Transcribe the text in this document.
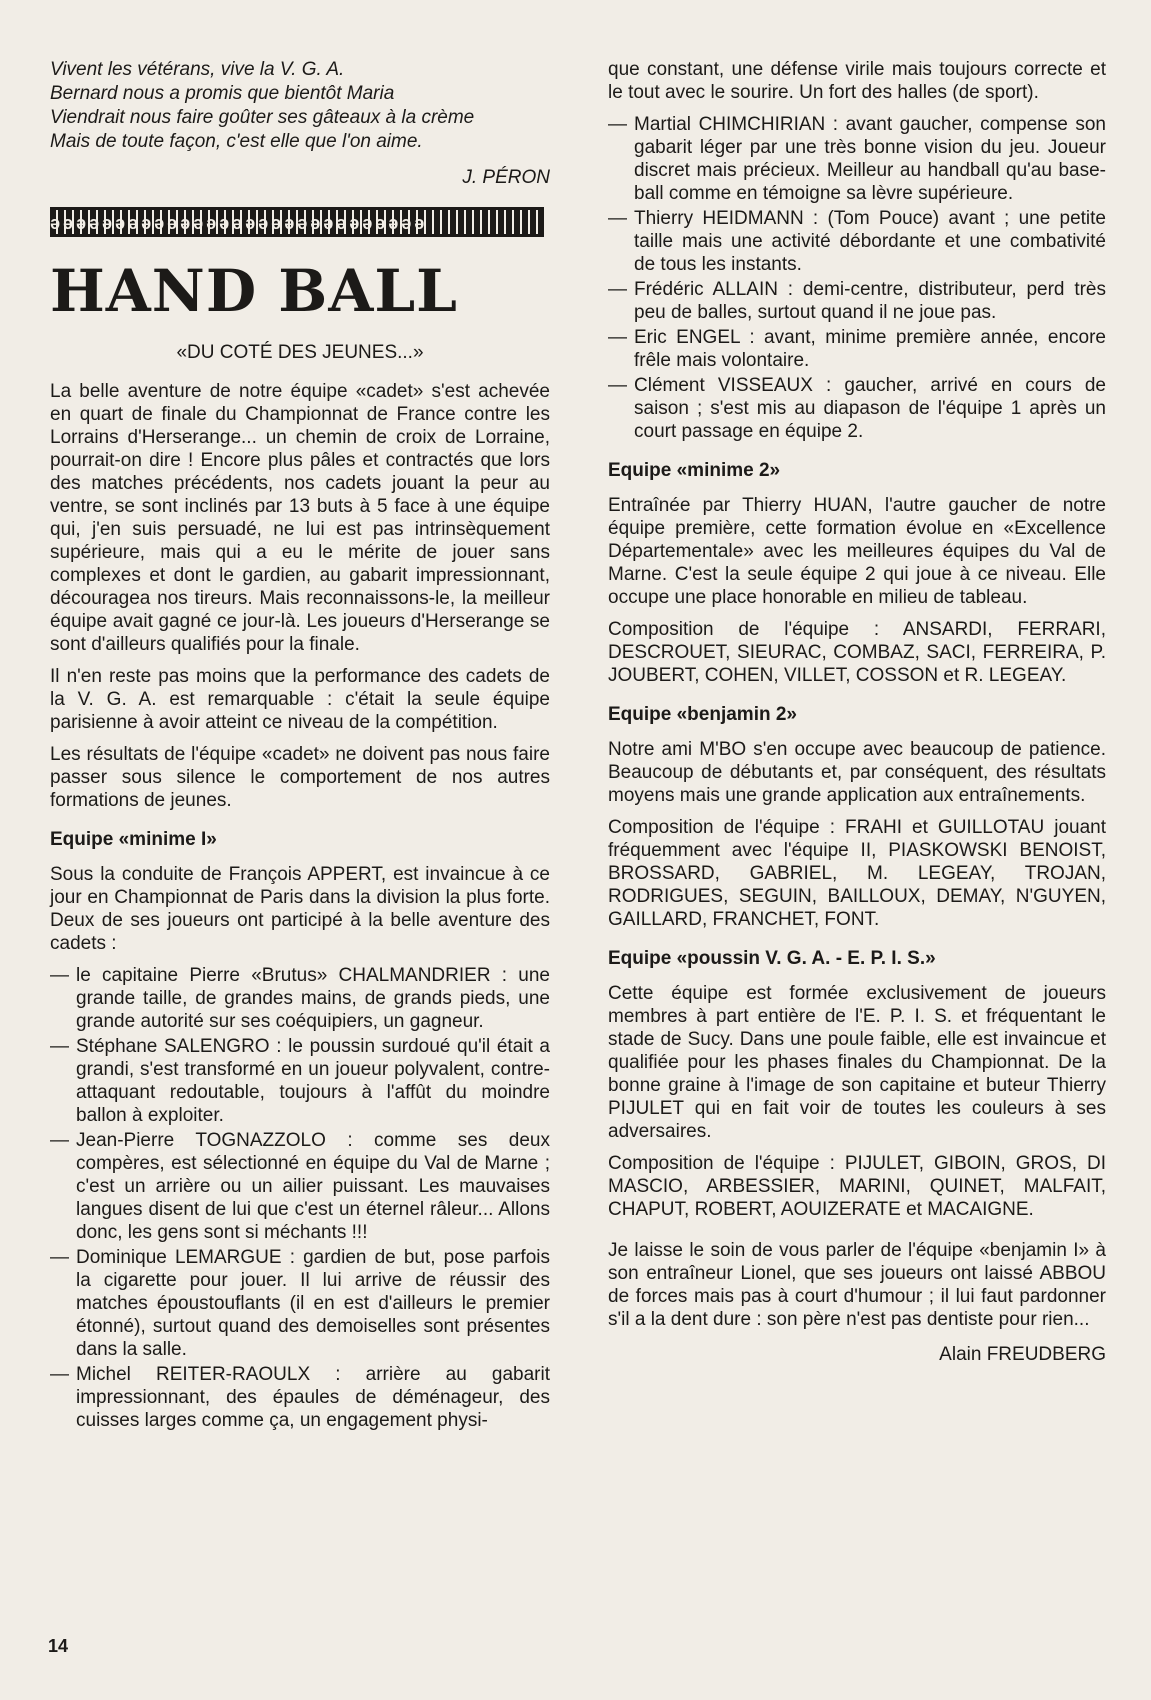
Vivent les vétérans, vive la V. G. A.
Bernard nous a promis que bientôt Maria
Viendrait nous faire goûter ses gâteaux à la crème
Mais de toute façon, c'est elle que l'on aime.
J. PÉRON
ǝǝǝǝǝǝǝǝǝǝǝǝǝǝǝǝǝǝǝǝǝǝǝǝǝǝǝǝǝ
HAND BALL
«DU COTÉ DES JEUNES...»

La belle aventure de notre équipe «cadet» s'est achevée en quart de finale du Championnat de France contre les Lorrains d'Herserange... un chemin de croix de Lorraine, pourrait-on dire ! Encore plus pâles et contractés que lors des matches précédents, nos cadets jouant la peur au ventre, se sont inclinés par 13 buts à 5 face à une équipe qui, j'en suis persuadé, ne lui est pas intrinsèquement supérieure, mais qui a eu le mérite de jouer sans complexes et dont le gardien, au gabarit impressionnant, découragea nos tireurs. Mais reconnaissons-le, la meilleur équipe avait gagné ce jour-là. Les joueurs d'Herserange se sont d'ailleurs qualifiés pour la finale.

Il n'en reste pas moins que la performance des cadets de la V. G. A. est remarquable : c'était la seule équipe parisienne à avoir atteint ce niveau de la compétition.

Les résultats de l'équipe «cadet» ne doivent pas nous faire passer sous silence le comportement de nos autres formations de jeunes.

Equipe «minime I»

Sous la conduite de François APPERT, est invaincue à ce jour en Championnat de Paris dans la division la plus forte. Deux de ses joueurs ont participé à la belle aventure des cadets :

— le capitaine Pierre «Brutus» CHALMANDRIER : une grande taille, de grandes mains, de grands pieds, une grande autorité sur ses coéquipiers, un gagneur.
— Stéphane SALENGRO : le poussin surdoué qu'il était a grandi, s'est transformé en un joueur polyvalent, contre-attaquant redoutable, toujours à l'affût du moindre ballon à exploiter.
— Jean-Pierre TOGNAZZOLO : comme ses deux compères, est sélectionné en équipe du Val de Marne ; c'est un arrière ou un ailier puissant. Les mauvaises langues disent de lui que c'est un éternel râleur... Allons donc, les gens sont si méchants !!!
— Dominique LEMARGUE : gardien de but, pose parfois la cigarette pour jouer. Il lui arrive de réussir des matches époustouflants (il en est d'ailleurs le premier étonné), surtout quand des demoiselles sont présentes dans la salle.
— Michel REITER-RAOULX : arrière au gabarit impressionnant, des épaules de déménageur, des cuisses larges comme ça, un engagement physi-

que constant, une défense virile mais toujours correcte et le tout avec le sourire. Un fort des halles (de sport).

— Martial CHIMCHIRIAN : avant gaucher, compense son gabarit léger par une très bonne vision du jeu. Joueur discret mais précieux. Meilleur au handball qu'au base-ball comme en témoigne sa lèvre supérieure.
— Thierry HEIDMANN : (Tom Pouce) avant ; une petite taille mais une activité débordante et une combativité de tous les instants.
— Frédéric ALLAIN : demi-centre, distributeur, perd très peu de balles, surtout quand il ne joue pas.
— Eric ENGEL : avant, minime première année, encore frêle mais volontaire.
— Clément VISSEAUX : gaucher, arrivé en cours de saison ; s'est mis au diapason de l'équipe 1 après un court passage en équipe 2.
Equipe «minime 2»

Entraînée par Thierry HUAN, l'autre gaucher de notre équipe première, cette formation évolue en «Excellence Départementale» avec les meilleures équipes du Val de Marne. C'est la seule équipe 2 qui joue à ce niveau. Elle occupe une place honorable en milieu de tableau.

Composition de l'équipe : ANSARDI, FERRARI, DESCROUET, SIEURAC, COMBAZ, SACI, FERREIRA, P. JOUBERT, COHEN, VILLET, COSSON et R. LEGEAY.

Equipe «benjamin 2»

Notre ami M'BO s'en occupe avec beaucoup de patience. Beaucoup de débutants et, par conséquent, des résultats moyens mais une grande application aux entraînements.

Composition de l'équipe : FRAHI et GUILLOTAU jouant fréquemment avec l'équipe II, PIASKOWSKI BENOIST, BROSSARD, GABRIEL, M. LEGEAY, TROJAN, RODRIGUES, SEGUIN, BAILLOUX, DEMAY, N'GUYEN, GAILLARD, FRANCHET, FONT.

Equipe «poussin V. G. A. - E. P. I. S.»

Cette équipe est formée exclusivement de joueurs membres à part entière de l'E. P. I. S. et fréquentant le stade de Sucy. Dans une poule faible, elle est invaincue et qualifiée pour les phases finales du Championnat. De la bonne graine à l'image de son capitaine et buteur Thierry PIJULET qui en fait voir de toutes les couleurs à ses adversaires.

Composition de l'équipe : PIJULET, GIBOIN, GROS, DI MASCIO, ARBESSIER, MARINI, QUINET, MALFAIT, CHAPUT, ROBERT, AOUIZERATE et MACAIGNE.

Je laisse le soin de vous parler de l'équipe «benjamin I» à son entraîneur Lionel, que ses joueurs ont laissé ABBOU de forces mais pas à court d'humour ; il lui faut pardonner s'il a la dent dure : son père n'est pas dentiste pour rien...

Alain FREUDBERG
14
